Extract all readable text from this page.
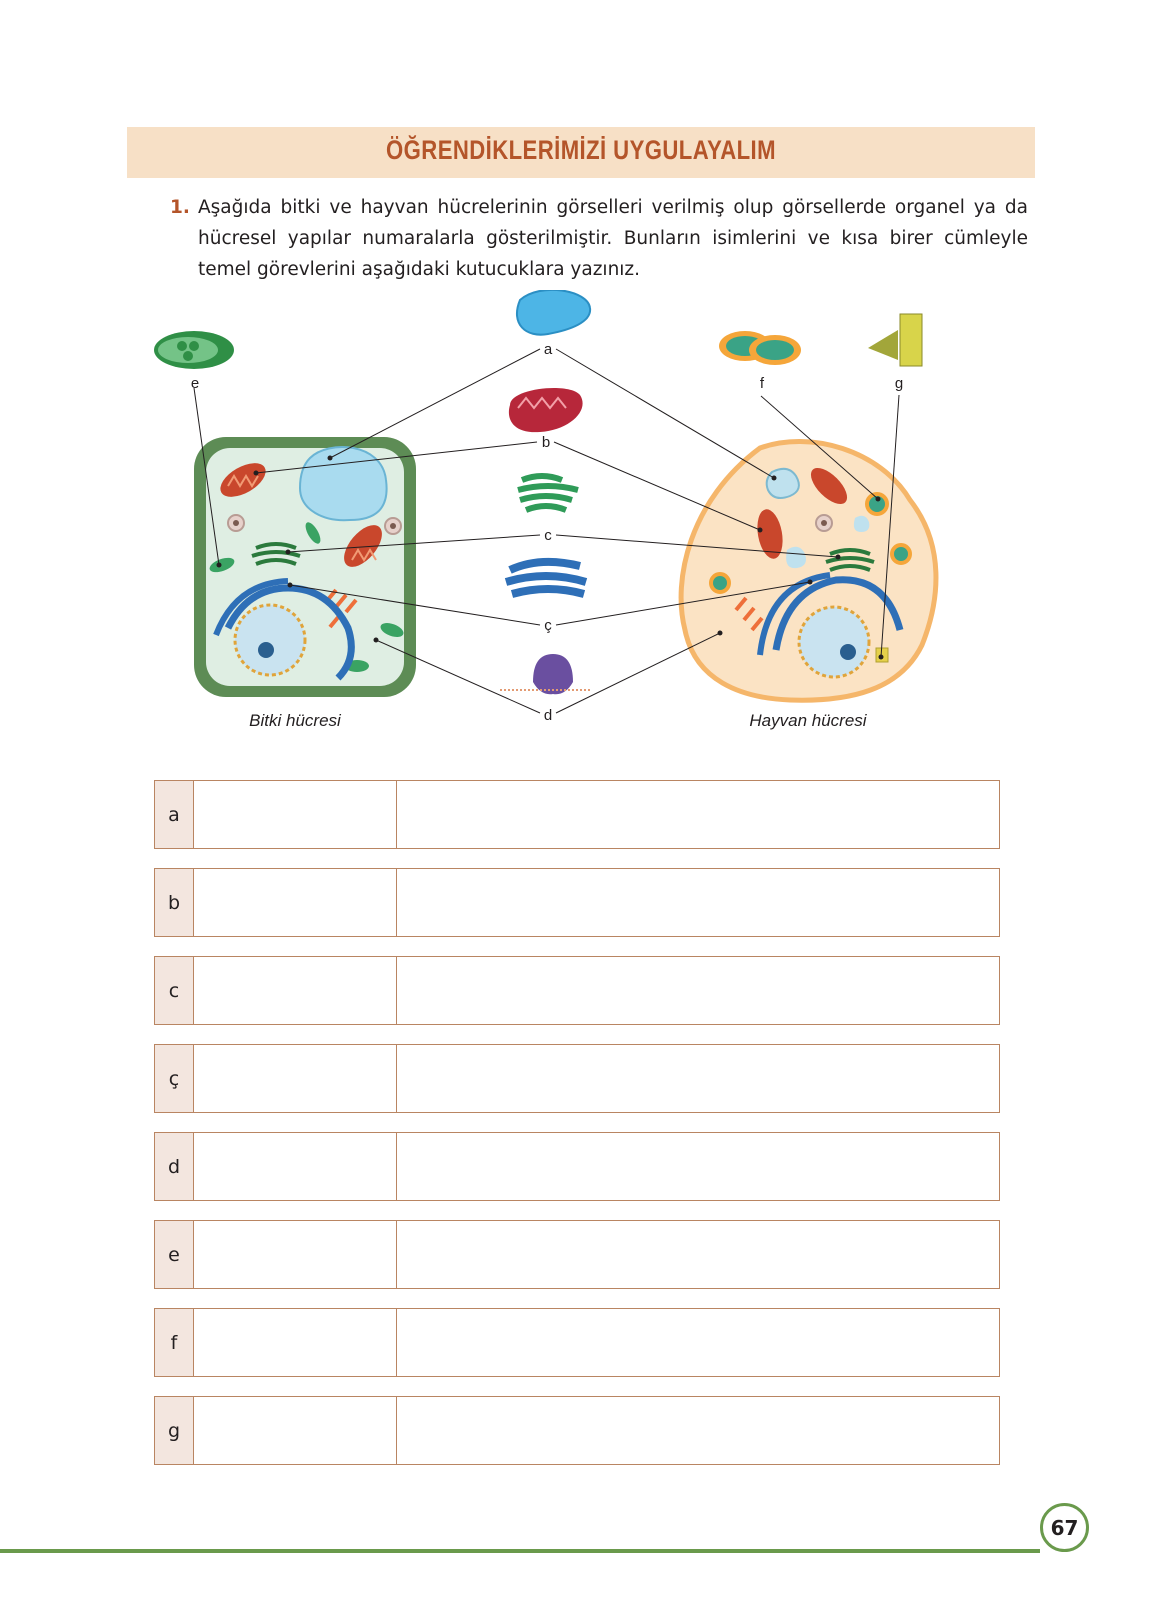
ÖĞRENDİKLERİMİZİ UYGULAYALIM
1. Aşağıda bitki ve hayvan hücrelerinin görselleri verilmiş olup görsellerde organel ya da hücresel yapılar numaralarla gösterilmiştir. Bunların isimlerini ve kısa birer cümleyle temel görevlerini aşağıdaki kutucuklara yazınız.
a
b
c
ç
d
e	f	g
Bitki hücresi	Hayvan hücresi
a
b
c
ç
d
e
f
g
67
